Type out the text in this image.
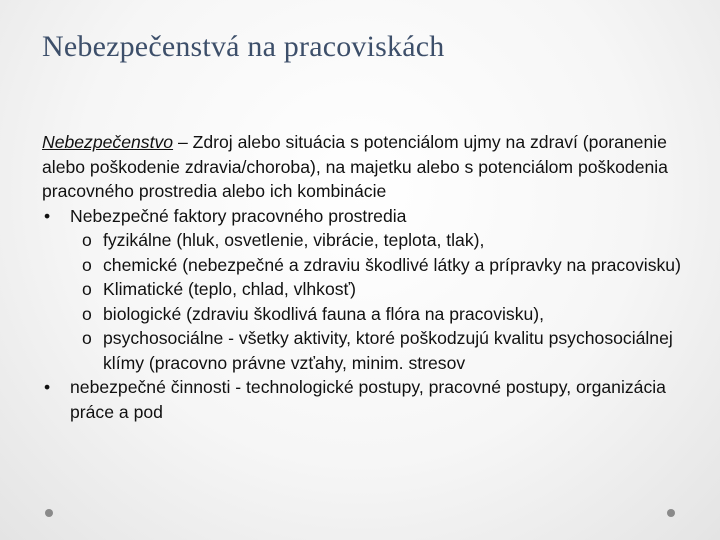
Nebezpečenstvá na pracoviskách

Nebezpečenstvo – Zdroj alebo situácia s potenciálom ujmy na zdraví (poranenie alebo poškodenie zdravia/choroba), na majetku alebo s potenciálom poškodenia pracovného prostredia alebo ich kombinácie

• Nebezpečné faktory pracovného prostredia
o fyzikálne (hluk, osvetlenie, vibrácie, teplota, tlak),
o chemické (nebezpečné a zdraviu škodlivé látky a prípravky na pracovisku)
o Klimatické (teplo, chlad, vlhkosť)
o biologické (zdraviu škodlivá fauna a flóra na pracovisku),
o psychosociálne - všetky aktivity, ktoré poškodzujú kvalitu psychosociálnej klímy (pracovno právne vzťahy, minim. stresov
• nebezpečné činnosti - technologické postupy, pracovné postupy, organizácia práce a pod
